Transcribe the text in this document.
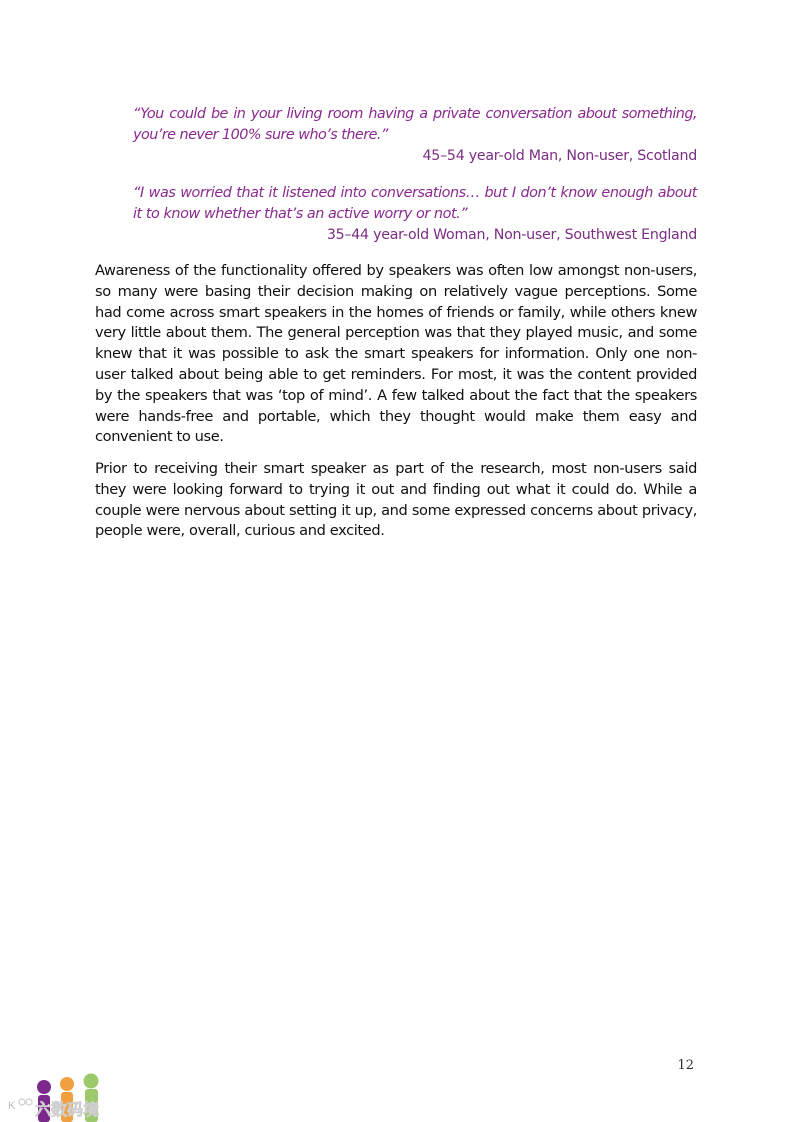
“You could be in your living room having a private conversation about something, you’re never 100% sure who’s there.”
45–54 year-old Man, Non-user, Scotland
“I was worried that it listened into conversations… but I don’t know enough about it to know whether that’s an active worry or not.”
35–44 year-old Woman, Non-user, Southwest England

Awareness of the functionality offered by speakers was often low amongst non-users, so many were basing their decision making on relatively vague perceptions. Some had come across smart speakers in the homes of friends or family, while others knew very little about them. The general perception was that they played music, and some knew that it was possible to ask the smart speakers for information. Only one non-user talked about being able to get reminders. For most, it was the content provided by the speakers that was ‘top of mind’. A few talked about the fact that the speakers were hands-free and portable, which they thought would make them easy and convenient to use.

Prior to receiving their smart speaker as part of the research, most non-users said they were looking forward to trying it out and finding out what it could do. While a couple were nervous about setting it up, and some expressed concerns about privacy, people were, overall, curious and excited.

12
K 六数码境
